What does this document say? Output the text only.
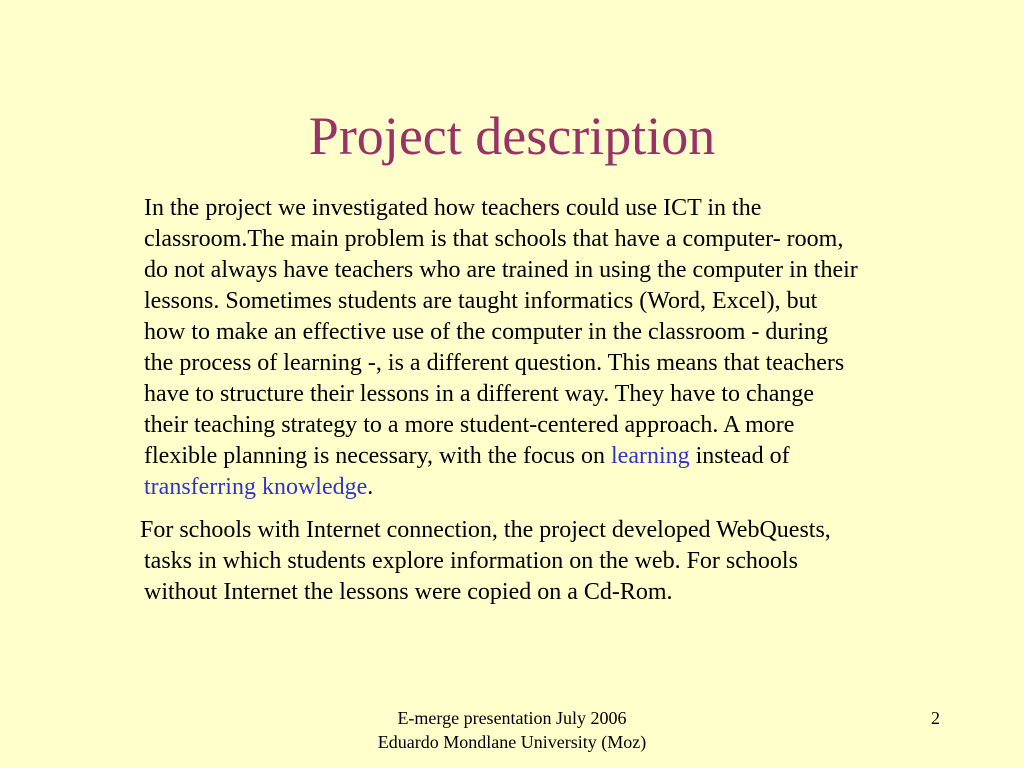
Project description

In the project we investigated how teachers could use ICT in the classroom.The main problem is that schools that have a computer- room, do not always have teachers who are trained in using the computer in their lessons. Sometimes students are taught informatics (Word, Excel), but how to make an effective use of the computer in the classroom - during the process of learning -, is a different question. This means that teachers have to structure their lessons in a different way. They have to change their teaching strategy to a more student-centered approach. A more flexible planning is necessary, with the focus on learning instead of transferring knowledge.

For schools with Internet connection, the project developed WebQuests, tasks in which students explore information on the web. For schools without Internet the lessons were copied on a Cd-Rom.

E-merge presentation July 2006
Eduardo Mondlane University (Moz)
2
